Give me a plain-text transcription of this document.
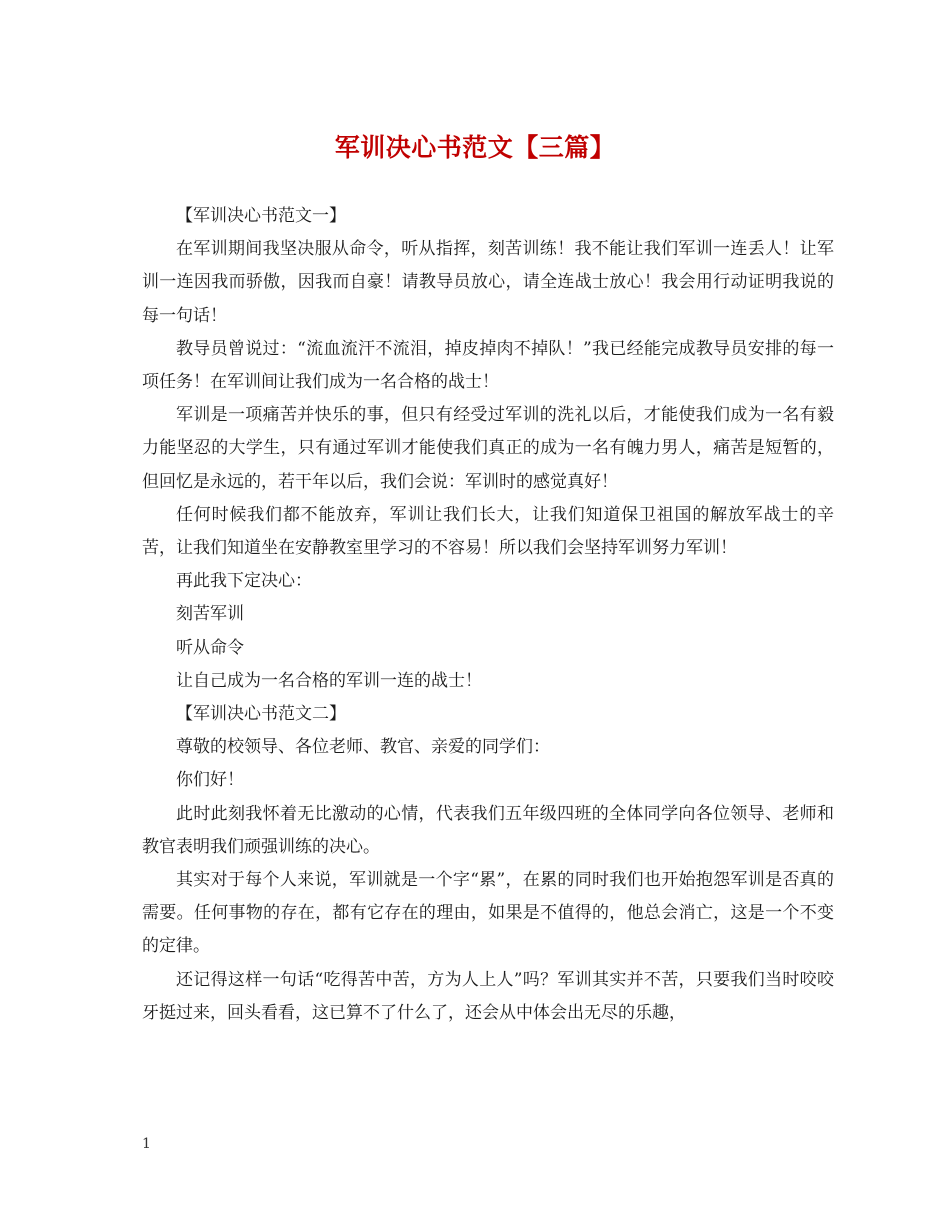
军训决心书范文【三篇】

【军训决心书范文一】

在军训期间我坚决服从命令，听从指挥，刻苦训练！我不能让我们军训一连丢人！让军训一连因我而骄傲，因我而自豪！请教导员放心，请全连战士放心！我会用行动证明我说的每一句话！

教导员曾说过：“流血流汗不流泪，掉皮掉肉不掉队！”我已经能完成教导员安排的每一项任务！在军训间让我们成为一名合格的战士！

军训是一项痛苦并快乐的事，但只有经受过军训的洗礼以后，才能使我们成为一名有毅力能坚忍的大学生，只有通过军训才能使我们真正的成为一名有魄力男人，痛苦是短暂的，但回忆是永远的，若干年以后，我们会说：军训时的感觉真好！

任何时候我们都不能放弃，军训让我们长大，让我们知道保卫祖国的解放军战士的辛苦，让我们知道坐在安静教室里学习的不容易！所以我们会坚持军训努力军训！

再此我下定决心：

刻苦军训

听从命令

让自己成为一名合格的军训一连的战士！

【军训决心书范文二】

尊敬的校领导、各位老师、教官、亲爱的同学们：

你们好！

此时此刻我怀着无比激动的心情，代表我们五年级四班的全体同学向各位领导、老师和教官表明我们顽强训练的决心。

其实对于每个人来说，军训就是一个字“累”，在累的同时我们也开始抱怨军训是否真的需要。任何事物的存在，都有它存在的理由，如果是不值得的，他总会消亡，这是一个不变的定律。

还记得这样一句话“吃得苦中苦，方为人上人”吗？军训其实并不苦，只要我们当时咬咬牙挺过来，回头看看，这已算不了什么了，还会从中体会出无尽的乐趣，

1
